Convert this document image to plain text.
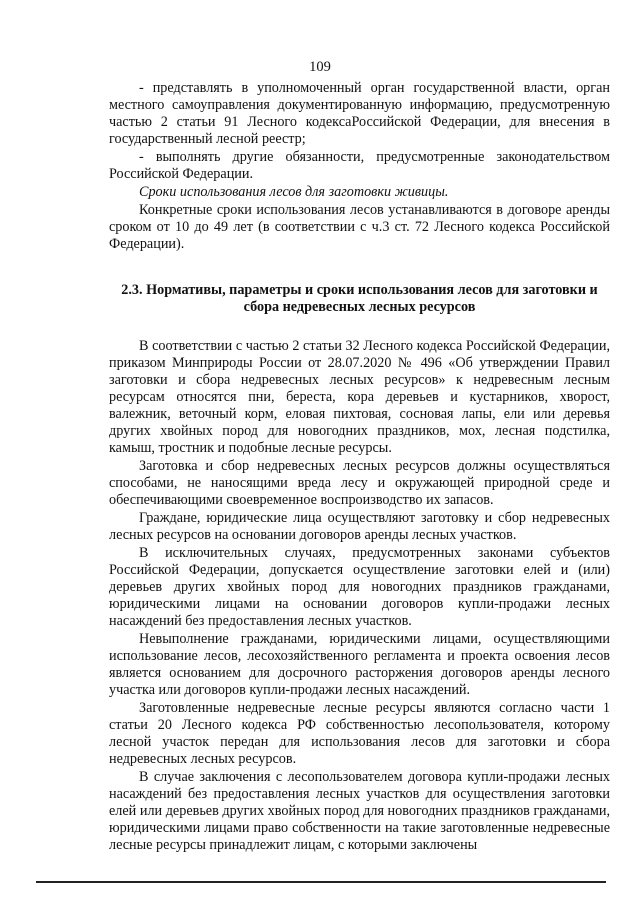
109

- представлять в уполномоченный орган государственной власти, орган местного самоуправления документированную информацию, предусмотренную частью 2 статьи 91 Лесного кодексаРоссийской Федерации, для внесения в государственный лесной реестр;

- выполнять другие обязанности, предусмотренные законодательством Российской Федерации.

Сроки использования лесов для заготовки живицы.

Конкретные сроки использования лесов устанавливаются в договоре аренды сроком от 10 до 49 лет (в соответствии с ч.3 ст. 72 Лесного кодекса Российской Федерации).

2.3. Нормативы, параметры и сроки использования лесов для заготовки и сбора недревесных лесных ресурсов

В соответствии с частью 2 статьи 32 Лесного кодекса Российской Федерации, приказом Минприроды России от 28.07.2020 № 496 «Об утверждении Правил заготовки и сбора недревесных лесных ресурсов» к недревесным лесным ресурсам относятся пни, береста, кора деревьев и кустарников, хворост, валежник, веточный корм, еловая пихтовая, сосновая лапы, ели или деревья других хвойных пород для новогодних праздников, мох, лесная подстилка, камыш, тростник и подобные лесные ресурсы.

Заготовка и сбор недревесных лесных ресурсов должны осуществляться способами, не наносящими вреда лесу и окружающей природной среде и обеспечивающими своевременное воспроизводство их запасов.

Граждане, юридические лица осуществляют заготовку и сбор недревесных лесных ресурсов на основании договоров аренды лесных участков.

В исключительных случаях, предусмотренных законами субъектов Российской Федерации, допускается осуществление заготовки елей и (или) деревьев других хвойных пород для новогодних праздников гражданами, юридическими лицами на основании договоров купли-продажи лесных насаждений без предоставления лесных участков.

Невыполнение гражданами, юридическими лицами, осуществляющими использование лесов, лесохозяйственного регламента и проекта освоения лесов является основанием для досрочного расторжения договоров аренды лесного участка или договоров купли-продажи лесных насаждений.

Заготовленные недревесные лесные ресурсы являются согласно части 1 статьи 20 Лесного кодекса РФ собственностью лесопользователя, которому лесной участок передан для использования лесов для заготовки и сбора недревесных лесных ресурсов.

В случае заключения с лесопользователем договора купли-продажи лесных насаждений без предоставления лесных участков для осуществления заготовки елей или деревьев других хвойных пород для новогодних праздников гражданами, юридическими лицами право собственности на такие заготовленные недревесные лесные ресурсы принадлежит лицам, с которыми заключены
